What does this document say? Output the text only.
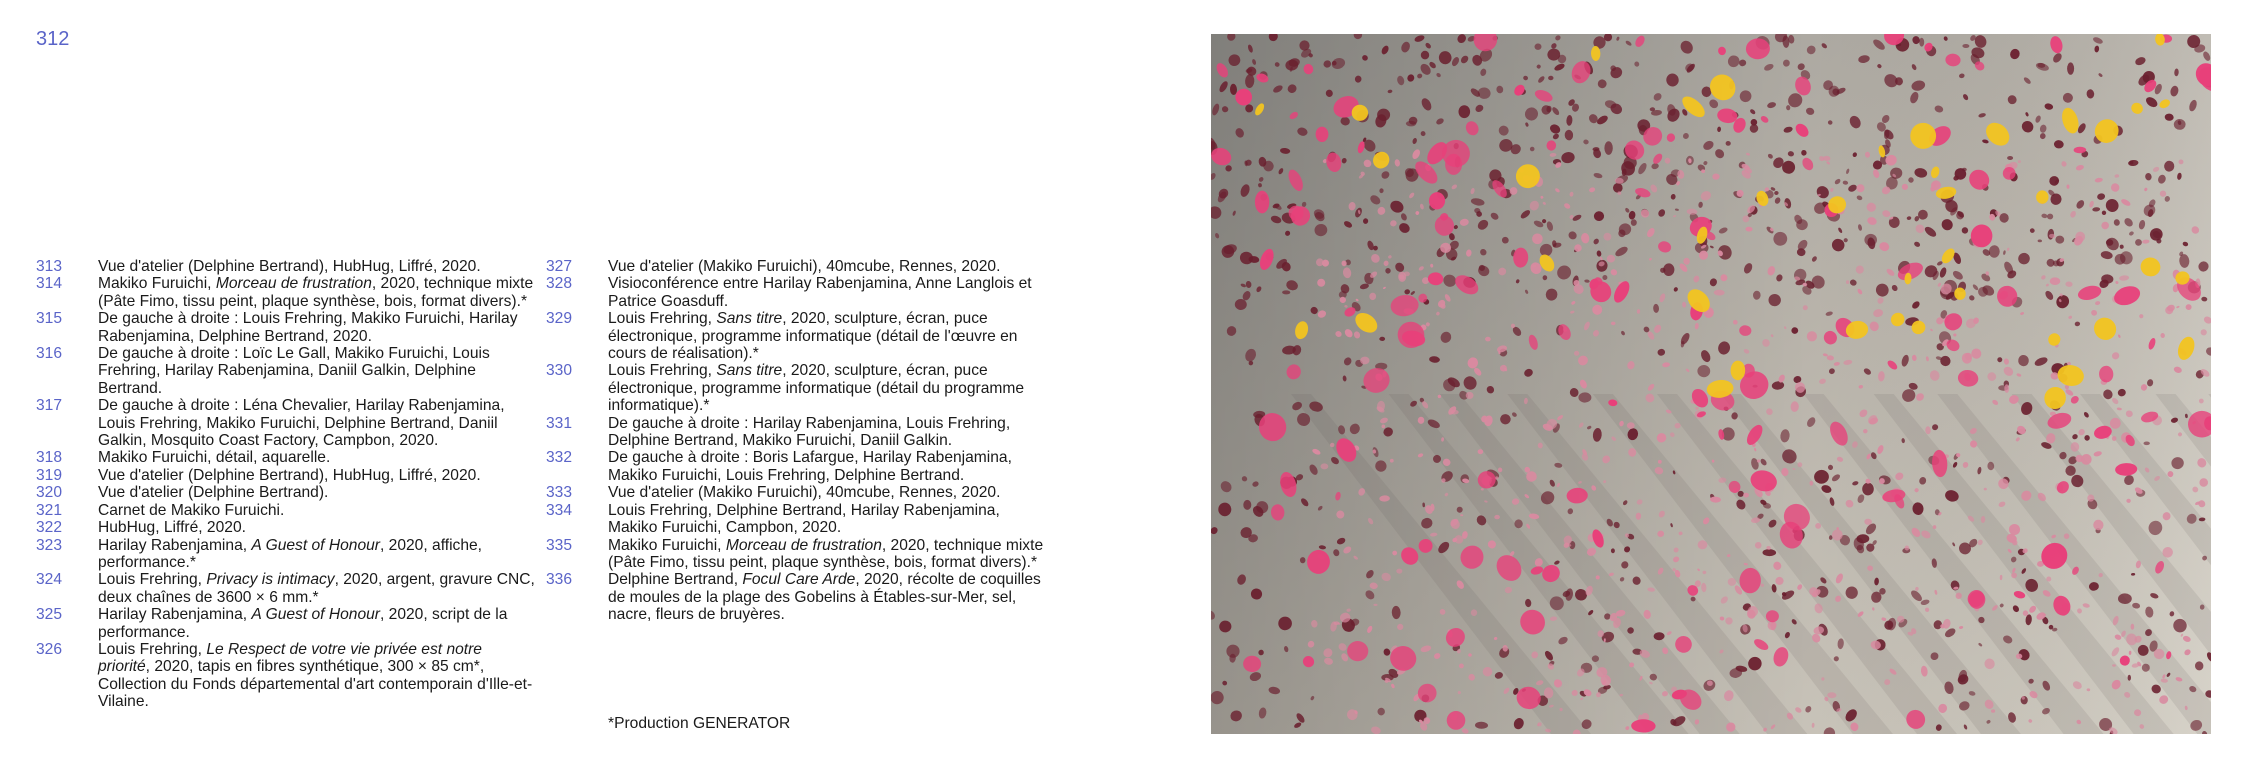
312
313	Vue d'atelier (Delphine Bertrand), HubHug, Liffré, 2020.
314	Makiko Furuichi, Morceau de frustration, 2020, technique mixte (Pâte Fimo, tissu peint, plaque synthèse, bois, format divers).*
315	De gauche à droite : Louis Frehring, Makiko Furuichi, Harilay Rabenjamina, Delphine Bertrand, 2020.
316	De gauche à droite : Loïc Le Gall, Makiko Furuichi, Louis Frehring, Harilay Rabenjamina, Daniil Galkin, Delphine Bertrand.
317	De gauche à droite : Léna Chevalier, Harilay Rabenjamina, Louis Frehring, Makiko Furuichi, Delphine Bertrand, Daniil Galkin, Mosquito Coast Factory, Campbon, 2020.
318	Makiko Furuichi, détail, aquarelle.
319	Vue d'atelier (Delphine Bertrand), HubHug, Liffré, 2020.
320	Vue d'atelier (Delphine Bertrand).
321	Carnet de Makiko Furuichi.
322	HubHug, Liffré, 2020.
323	Harilay Rabenjamina, A Guest of Honour, 2020, affiche, performance.*
324	Louis Frehring, Privacy is intimacy, 2020, argent, gravure CNC, deux chaînes de 3600 × 6 mm.*
325	Harilay Rabenjamina, A Guest of Honour, 2020, script de la performance.
326	Louis Frehring, Le Respect de votre vie privée est notre priorité, 2020, tapis en fibres synthétique, 300 × 85 cm*, Collection du Fonds départemental d'art contemporain d'Ille-et-Vilaine.
327	Vue d'atelier (Makiko Furuichi), 40mcube, Rennes, 2020.
328	Visioconférence entre Harilay Rabenjamina, Anne Langlois et Patrice Goasduff.
329	Louis Frehring, Sans titre, 2020, sculpture, écran, puce électronique, programme informatique (détail de l'œuvre en cours de réalisation).*
330	Louis Frehring, Sans titre, 2020, sculpture, écran, puce électronique, programme informatique (détail du programme informatique).*
331	De gauche à droite : Harilay Rabenjamina, Louis Frehring, Delphine Bertrand, Makiko Furuichi, Daniil Galkin.
332	De gauche à droite : Boris Lafargue, Harilay Rabenjamina, Makiko Furuichi, Louis Frehring, Delphine Bertrand.
333	Vue d'atelier (Makiko Furuichi), 40mcube, Rennes, 2020.
334	Louis Frehring, Delphine Bertrand, Harilay Rabenjamina, Makiko Furuichi, Campbon, 2020.
335	Makiko Furuichi, Morceau de frustration, 2020, technique mixte (Pâte Fimo, tissu peint, plaque synthèse, bois, format divers).*
336	Delphine Bertrand, Focul Care Arde, 2020, récolte de coquilles de moules de la plage des Gobelins à Étables-sur-Mer, sel, nacre, fleurs de bruyères.
*Production GENERATOR
